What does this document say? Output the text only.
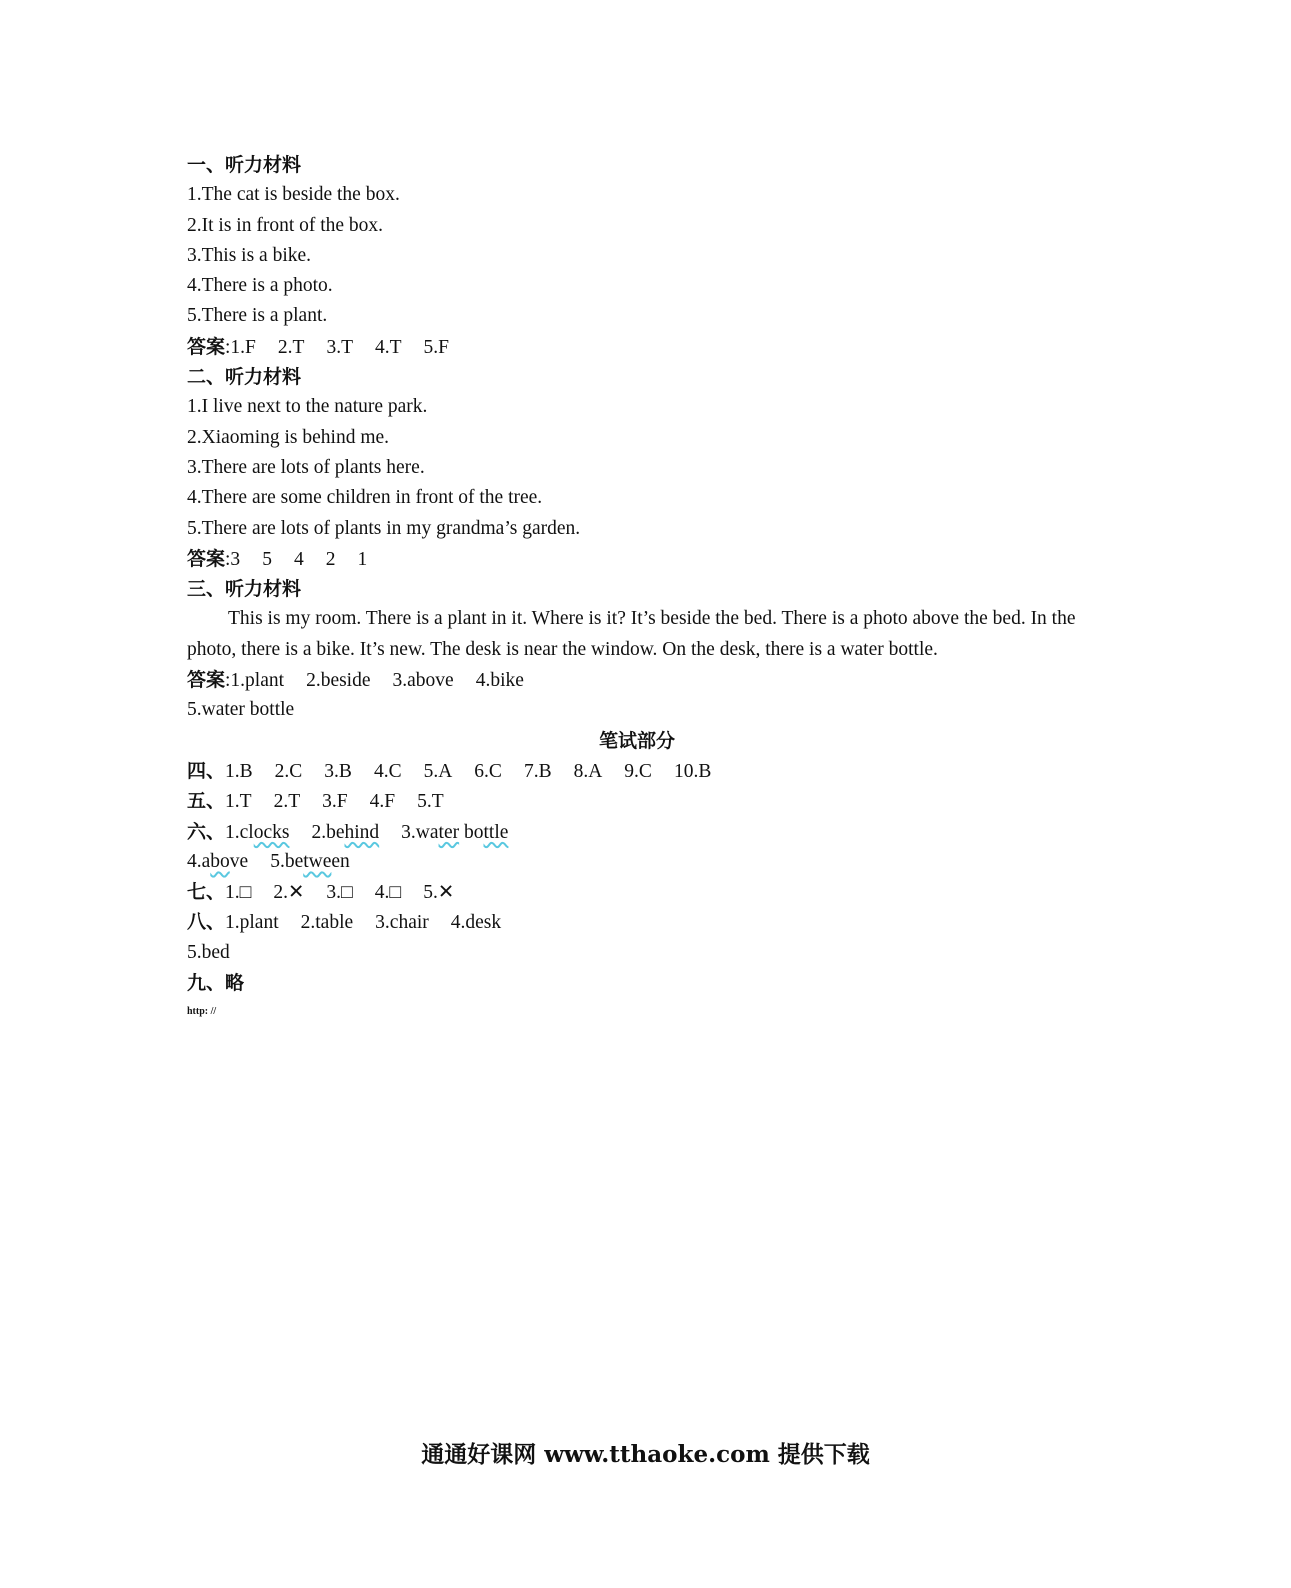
一、听力材料
1.The cat is beside the box.
2.It is in front of the box.
3.This is a bike.
4.There is a photo.
5.There is a plant.
答案:1.F 2.T 3.T 4.T 5.F
二、听力材料
1.I live next to the nature park.
2.Xiaoming is behind me.
3.There are lots of plants here.
4.There are some children in front of the tree.
5.There are lots of plants in my grandma’s garden.
答案:3 5 4 2 1
三、听力材料
This is my room. There is a plant in it. Where is it? It’s beside the bed. There is a photo above the bed. In the photo, there is a bike. It’s new. The desk is near the window. On the desk, there is a water bottle.
答案:1.plant 2.beside 3.above 4.bike
5.water bottle
笔试部分
四、1.B 2.C 3.B 4.C 5.A 6.C 7.B 8.A 9.C 10.B
五、1.T 2.T 3.F 4.F 5.T
六、1.clocks 2.behind 3.water bottle
4.above 5.between
七、1.□ 2.✕ 3.□ 4.□ 5.✕
八、1.plant 2.table 3.chair 4.desk
5.bed
九、略
http: //
通通好课网 www.tthaoke.com 提供下载
